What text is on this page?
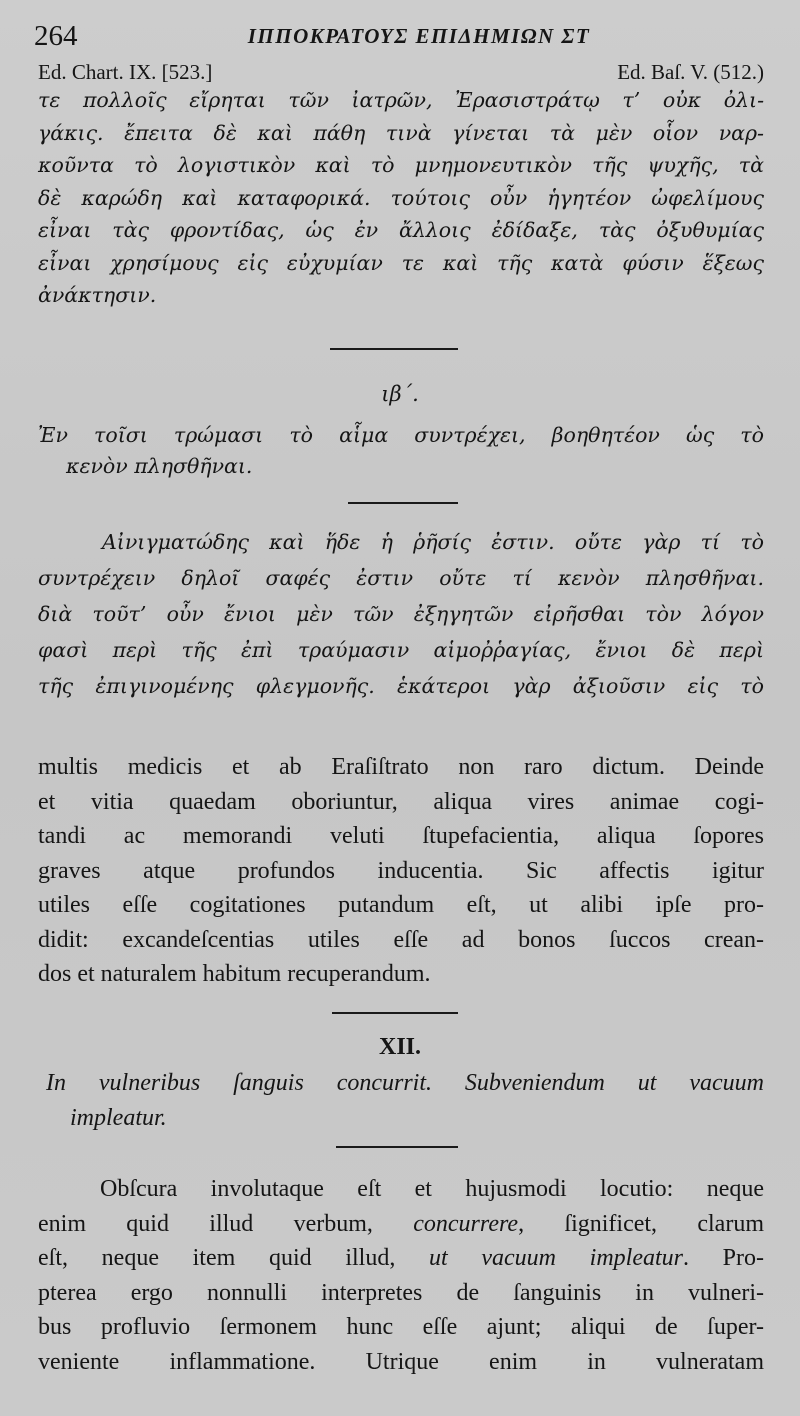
264	ΙΠΠΟΚΡΑΤΟΥΣ ΕΠΙΔΗΜΙΩΝ ΣΤ
Ed. Chart. IX. [523.]	Ed. Baſ. V. (512.)
τε πολλοῖς εἴρηται τῶν ἰατρῶν, Ἐρασιστράτῳ τ’ οὐκ ὀλι-
γάκις. ἔπειτα δὲ καὶ πάθη τινὰ γίνεται τὰ μὲν οἷον ναρ-
κοῦντα τὸ λογιστικὸν καὶ τὸ μνημονευτικὸν τῆς ψυχῆς, τὰ
δὲ καρώδη καὶ καταφορικά. τούτοις οὖν ἡγητέον ὠφελίμους
εἶναι τὰς φροντίδας, ὡς ἐν ἄλλοις ἐδίδαξε, τὰς ὀξυθυμίας
εἶναι χρησίμους εἰς εὐχυμίαν τε καὶ τῆς κατὰ φύσιν ἕξεως
ἀνάκτησιν.
ιβ΄.
Ἐν τοῖσι τρώμασι τὸ αἷμα συντρέχει, βοηθητέον ὡς τὸ
κενὸν πλησθῆναι.
Αἰνιγματώδης καὶ ἥδε ἡ ῥῆσίς ἐστιν. οὔτε γὰρ τί τὸ
συντρέχειν δηλοῖ σαφές ἐστιν οὔτε τί κενὸν πλησθῆναι.
διὰ τοῦτ’ οὖν ἔνιοι μὲν τῶν ἐξηγητῶν εἰρῆσθαι τὸν λόγον
φασὶ περὶ τῆς ἐπὶ τραύμασιν αἱμοῤῥαγίας, ἔνιοι δὲ περὶ
τῆς ἐπιγινομένης φλεγμονῆς. ἑκάτεροι γὰρ ἀξιοῦσιν εἰς τὸ
multis medicis et ab Eraſiſtrato non raro dictum. Deinde
et vitia quaedam oboriuntur, aliqua vires animae cogi-
tandi ac memorandi veluti ſtupefacientia, aliqua ſopores
graves atque profundos inducentia. Sic affectis igitur
utiles eſſe cogitationes putandum eſt, ut alibi ipſe pro-
didit: excandeſcentias utiles eſſe ad bonos ſuccos crean-
dos et naturalem habitum recuperandum.
XII.
In vulneribus ſanguis concurrit. Subveniendum ut vacuum
impleatur.
Obſcura involutaque eſt et hujusmodi locutio: neque
enim quid illud verbum, concurrere, ſignificet, clarum
eſt, neque item quid illud, ut vacuum impleatur. Pro-
pterea ergo nonnulli interpretes de ſanguinis in vulneri-
bus profluvio ſermonem hunc eſſe ajunt; aliqui de ſuper-
veniente inflammatione. Utrique enim in vulneratam
